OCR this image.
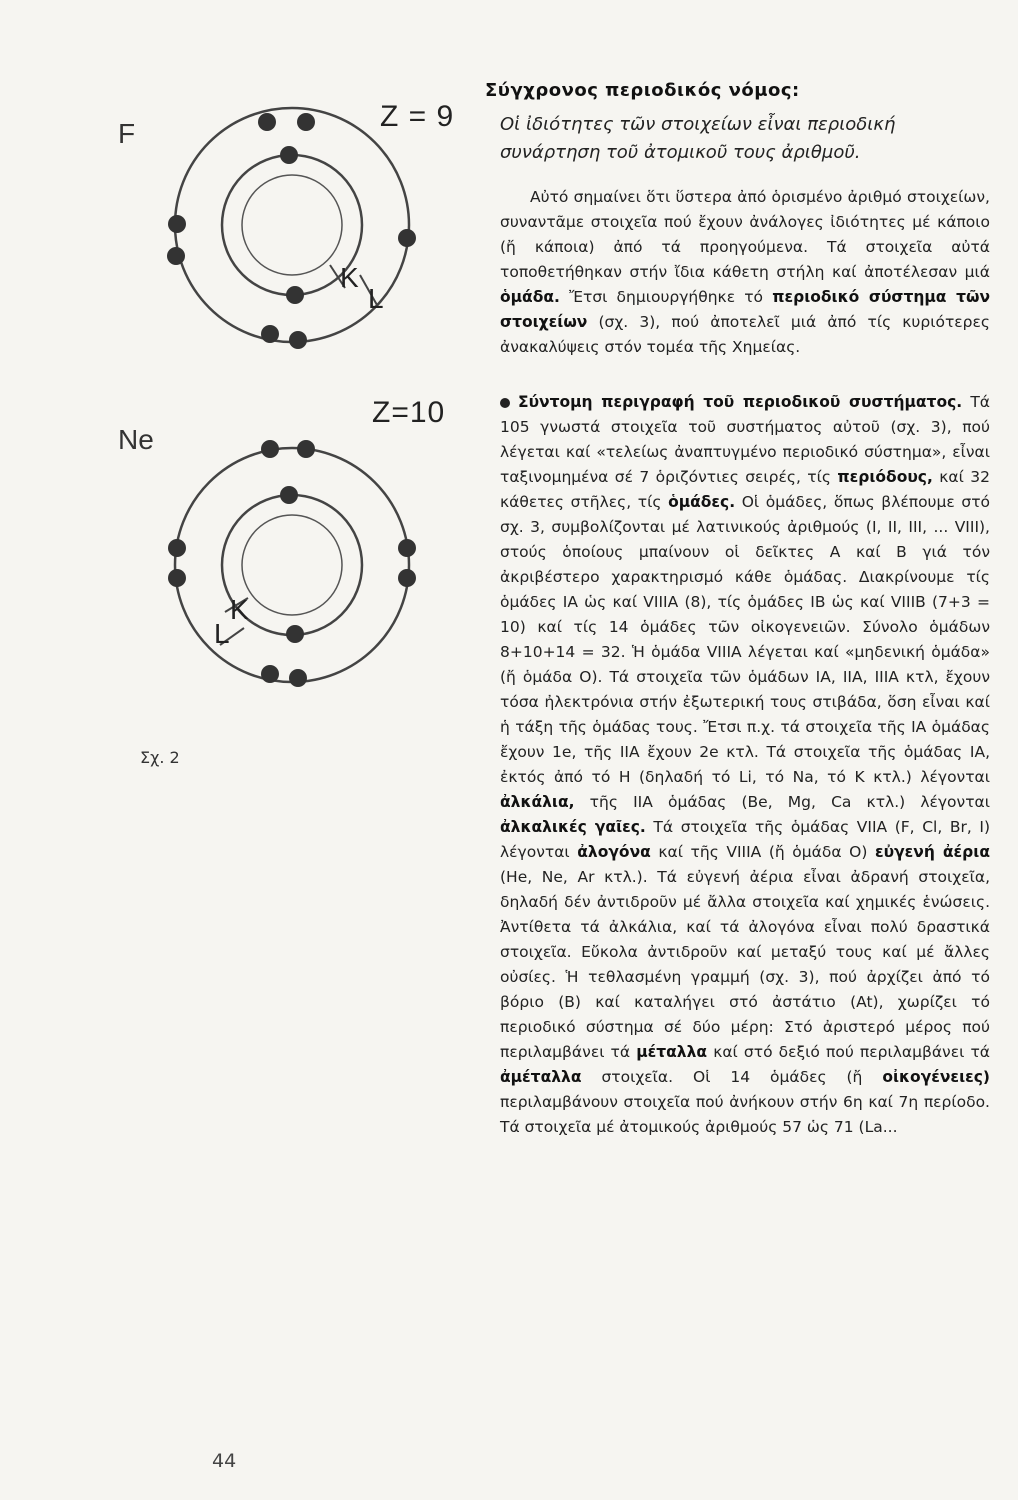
F
Z = 9
K
L
Ne
Z=10
K
L
Σχ. 2
Σύγχρονος περιοδικός νόμος:
Οἱ ἰδιότητες τῶν στοιχείων εἶναι περιοδική συνάρτηση τοῦ ἀτομικοῦ τους ἀριθμοῦ.

Αὐτό σημαίνει ὅτι ὕστερα ἀπό ὁρισμένο ἀριθμό στοιχείων, συναντᾶμε στοιχεῖα πού ἔχουν ἀνάλογες ἰδιότητες μέ κάποιο (ἤ κάποια) ἀπό τά προηγούμενα. Τά στοιχεῖα αὐτά τοποθετήθηκαν στήν ἴδια κάθετη στήλη καί ἀποτέλεσαν μιά ὁμάδα. Ἔτσι δημιουργήθηκε τό περιοδικό σύστημα τῶν στοιχείων (σχ. 3), πού ἀποτελεῖ μιά ἀπό τίς κυριότερες ἀνακαλύψεις στόν τομέα τῆς Χημείας.

Σύντομη περιγραφή τοῦ περιοδικοῦ συστήματος. Τά 105 γνωστά στοιχεῖα τοῦ συστήματος αὐτοῦ (σχ. 3), πού λέγεται καί «τελείως ἀναπτυγμένο περιοδικό σύστημα», εἶναι ταξινομημένα σέ 7 ὁριζόντιες σειρές, τίς περιόδους, καί 32 κάθετες στῆλες, τίς ὁμάδες. Οἱ ὁμάδες, ὅπως βλέπουμε στό σχ. 3, συμβολίζονται μέ λατινικούς ἀριθμούς (I, II, III, ... VIII), στούς ὁποίους μπαίνουν οἱ δεῖκτες Α καί Β γιά τόν ἀκριβέστερο χαρακτηρισμό κάθε ὁμάδας. Διακρίνουμε τίς ὁμάδες IA ὡς καί VIIIA (8), τίς ὁμάδες IB ὡς καί VIIIB (7+3 = 10) καί τίς 14 ὁμάδες τῶν οἰκογενειῶν. Σύνολο ὁμάδων 8+10+14 = 32. Ἡ ὁμάδα VIIIA λέγεται καί «μηδενική ὁμάδα» (ἤ ὁμάδα Ο). Τά στοιχεῖα τῶν ὁμάδων IA, IIA, IIIA κτλ, ἔχουν τόσα ἠλεκτρόνια στήν ἐξωτερική τους στιβάδα, ὅση εἶναι καί ἡ τάξη τῆς ὁμάδας τους. Ἔτσι π.χ. τά στοιχεῖα τῆς IA ὁμάδας ἔχουν 1e, τῆς IIA ἔχουν 2e κτλ. Τά στοιχεῖα τῆς ὁμάδας IA, ἐκτός ἀπό τό H (δηλαδή τό Li, τό Na, τό K κτλ.) λέγονται ἀλκάλια, τῆς IIA ὁμάδας (Be, Mg, Ca κτλ.) λέγονται ἀλκαλικές γαῖες. Τά στοιχεῖα τῆς ὁμάδας VIIA (F, Cl, Br, I) λέγονται ἀλογόνα καί τῆς VIIIA (ἤ ὁμάδα Ο) εὐγενή ἀέρια (He, Ne, Ar κτλ.). Τά εὐγενή ἀέρια εἶναι ἀδρανή στοιχεῖα, δηλαδή δέν ἀντιδροῦν μέ ἄλλα στοιχεῖα καί χημικές ἑνώσεις. Ἀντίθετα τά ἀλκάλια, καί τά ἀλογόνα εἶναι πολύ δραστικά στοιχεῖα. Εὔκολα ἀντιδροῦν καί μεταξύ τους καί μέ ἄλλες οὐσίες. Ἡ τεθλασμένη γραμμή (σχ. 3), πού ἀρχίζει ἀπό τό βόριο (Β) καί καταλήγει στό ἀστάτιο (At), χωρίζει τό περιοδικό σύστημα σέ δύο μέρη: Στό ἀριστερό μέρος πού περιλαμβάνει τά μέταλλα καί στό δεξιό πού περιλαμβάνει τά ἀμέταλλα στοιχεῖα. Οἱ 14 ὁμάδες (ἤ οἰκογένειες) περιλαμβάνουν στοιχεῖα πού ἀνήκουν στήν 6η καί 7η περίοδο. Τά στοιχεῖα μέ ἀτομικούς ἀριθμούς 57 ὡς 71 (La...

44
